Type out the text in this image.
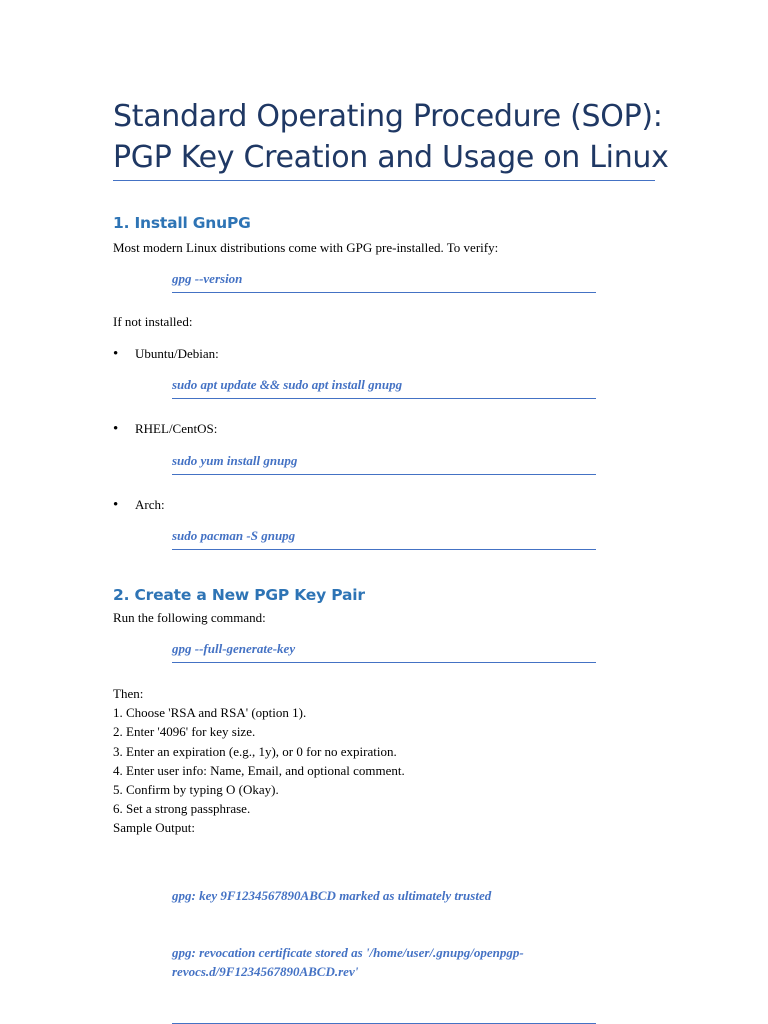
Standard Operating Procedure (SOP):
PGP Key Creation and Usage on Linux
1. Install GnuPG
Most modern Linux distributions come with GPG pre-installed. To verify:
gpg --version
If not installed:
• Ubuntu/Debian:
sudo apt update && sudo apt install gnupg
• RHEL/CentOS:
sudo yum install gnupg
• Arch:
sudo pacman -S gnupg
2. Create a New PGP Key Pair
Run the following command:
gpg --full-generate-key
Then:
1. Choose 'RSA and RSA' (option 1).
2. Enter '4096' for key size.
3. Enter an expiration (e.g., 1y), or 0 for no expiration.
4. Enter user info: Name, Email, and optional comment.
5. Confirm by typing O (Okay).
6. Set a strong passphrase.
Sample Output:

gpg: key 9F1234567890ABCD marked as ultimately trusted

gpg: revocation certificate stored as '/home/user/.gnupg/openpgp-revocs.d/9F1234567890ABCD.rev'
